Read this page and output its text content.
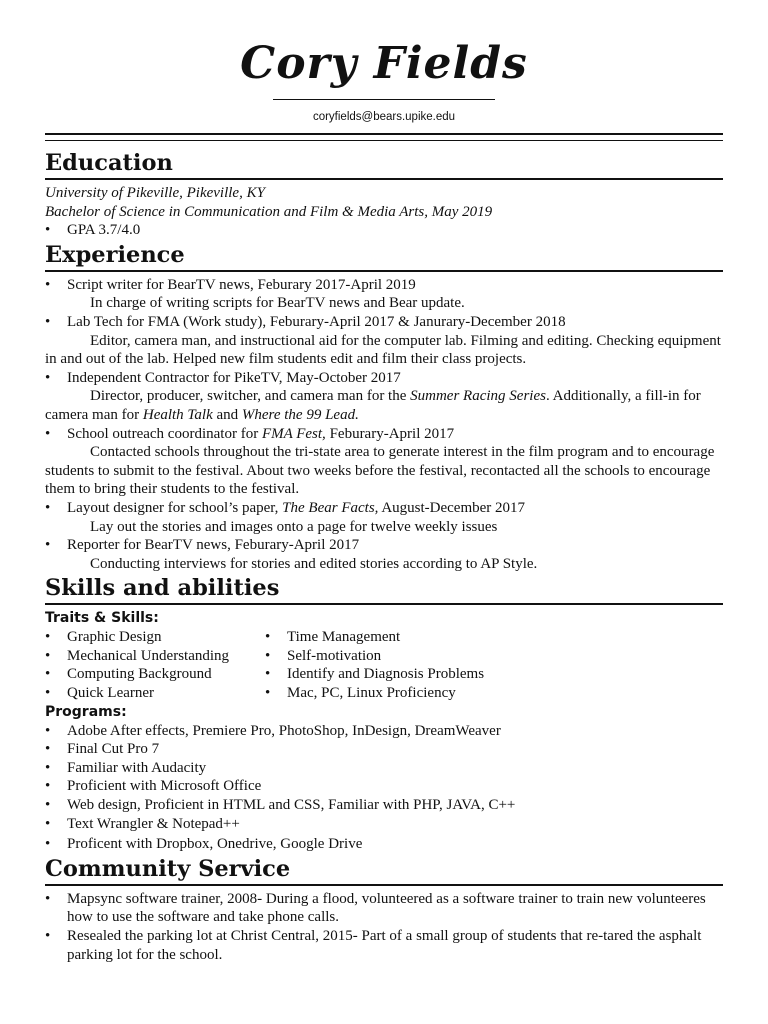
Cory Fields
coryfields@bears.upike.edu
Education
University of Pikeville, Pikeville, KY
Bachelor of Science in Communication and Film & Media Arts, May 2019
• GPA 3.7/4.0
Experience
• Script writer for BearTV news, Feburary 2017-April 2019
In charge of writing scripts for BearTV news and Bear update.
• Lab Tech for FMA (Work study), Feburary-April 2017 & Janurary-December 2018
Editor, camera man, and instructional aid for the computer lab. Filming and editing. Checking equipment in and out of the lab. Helped new film students edit and film their class projects.
• Independent Contractor for PikeTV, May-October 2017
Director, producer, switcher, and camera man for the Summer Racing Series. Additionally, a fill-in for camera man for Health Talk and Where the 99 Lead.
• School outreach coordinator for FMA Fest, Feburary-April 2017
Contacted schools throughout the tri-state area to generate interest in the film program and to encourage students to submit to the festival. About two weeks before the festival, recontacted all the schools to encourage them to bring their students to the festival.
• Layout designer for school’s paper, The Bear Facts, August-December 2017
Lay out the stories and images onto a page for twelve weekly issues
• Reporter for BearTV news, Feburary-April 2017
Conducting interviews for stories and edited stories according to AP Style.
Skills and abilities
Traits & Skills:
• Graphic Design
• Mechanical Understanding
• Computing Background
• Quick Learner
• Time Management
• Self-motivation
• Identify and Diagnosis Problems
• Mac, PC, Linux Proficiency
Programs:
• Adobe After effects, Premiere Pro, PhotoShop, InDesign, DreamWeaver
• Final Cut Pro 7
• Familiar with Audacity
• Proficient with Microsoft Office
• Web design, Proficient in HTML and CSS, Familiar with PHP, JAVA, C++
• Text Wrangler & Notepad++
• Proficent with Dropbox, Onedrive, Google Drive
Community Service
• Mapsync software trainer, 2008- During a flood, volunteered as a software trainer to train new volunteeres how to use the software and take phone calls.
• Resealed the parking lot at Christ Central, 2015- Part of a small group of students that re-tared the asphalt parking lot for the school.
